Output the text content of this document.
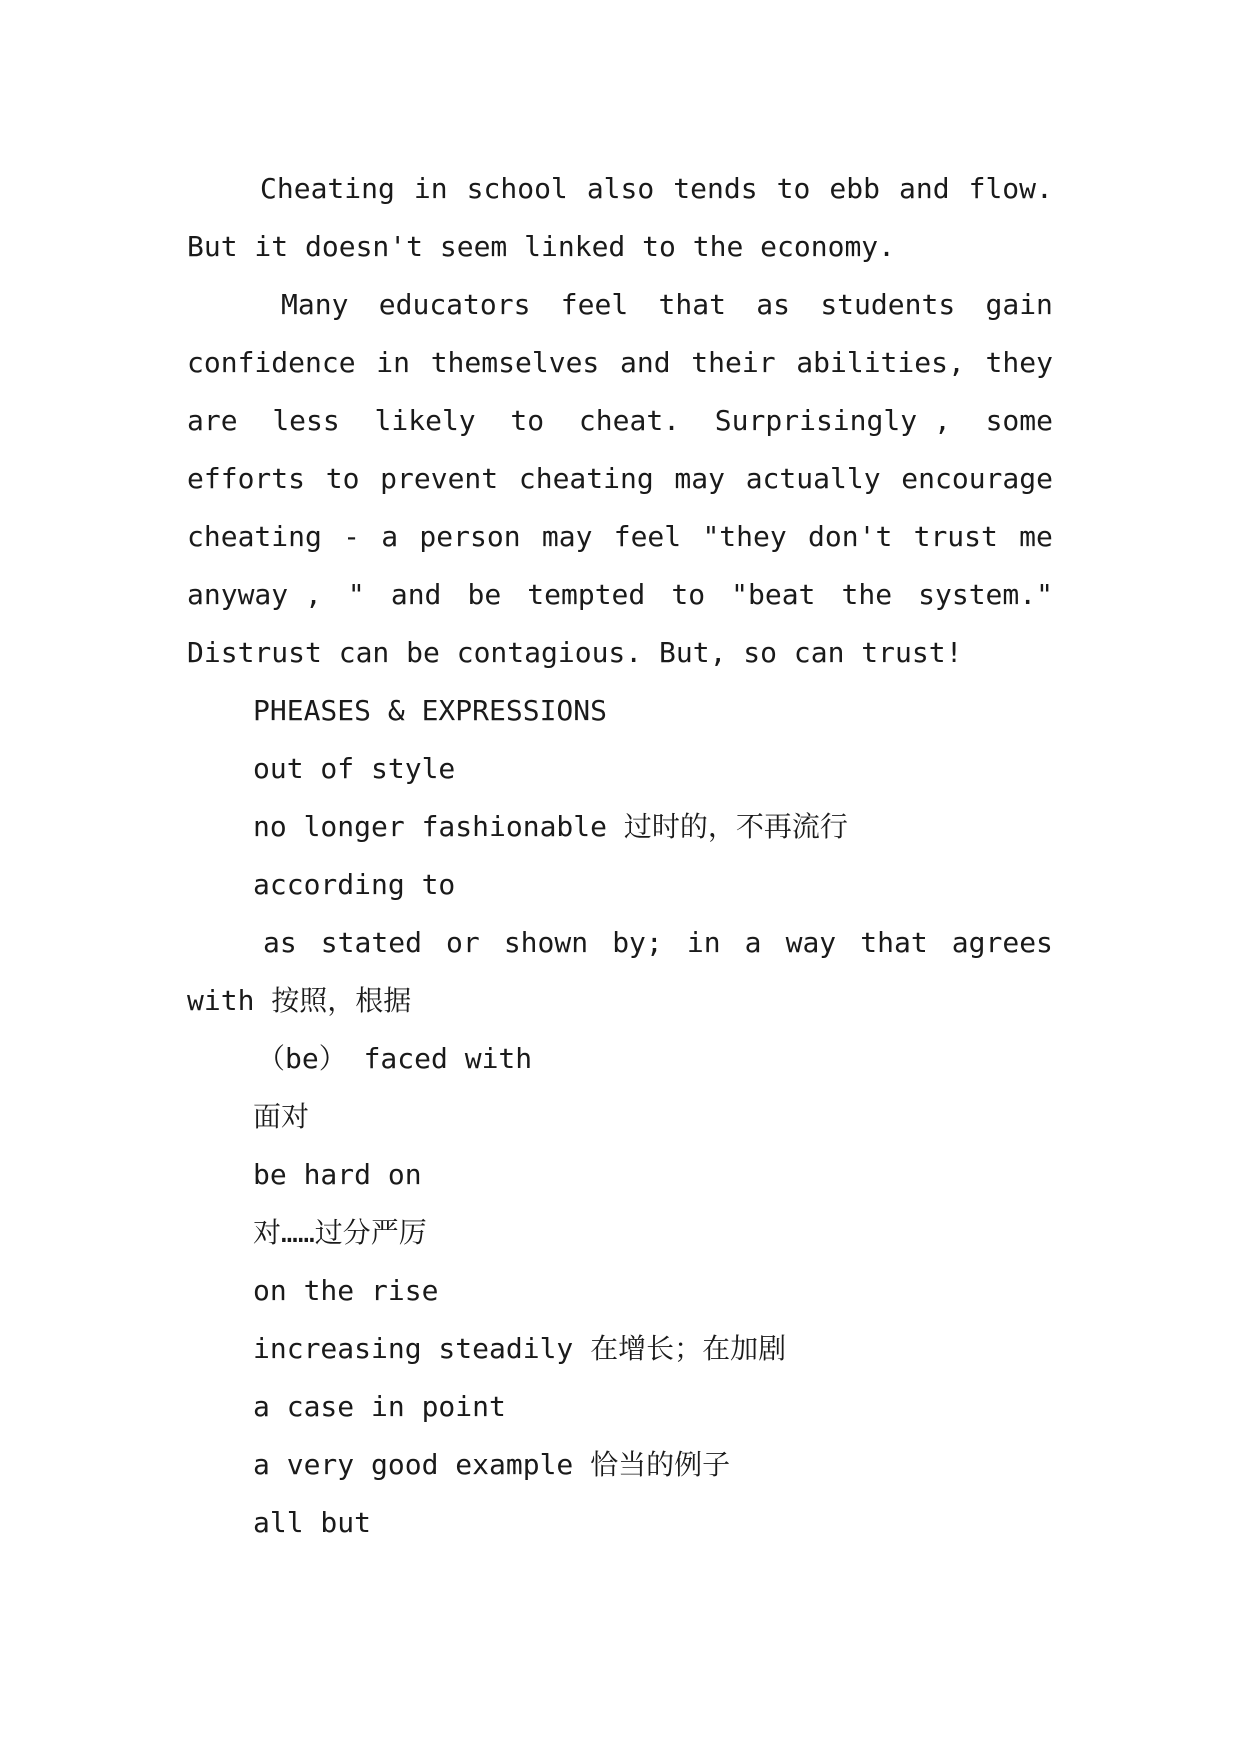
Cheating in school also tends to ebb and flow.
But it doesn't seem linked to the economy.
Many educators feel that as students gain
confidence in themselves and their abilities, they
are less likely to cheat. Surprisingly , some
efforts to prevent cheating may actually encourage
cheating - a person may feel "they don't trust me
anyway , " and be tempted to "beat the system."
Distrust can be contagious. But, so can trust!
PHEASES & EXPRESSIONS
out of style
no longer fashionable 过时的，不再流行
according to
as stated or shown by; in a way that agrees
with 按照，根据
（be） faced with
面对
be hard on
对……过分严厉
on the rise
increasing steadily 在增长；在加剧
a case in point
a very good example 恰当的例子
all but
